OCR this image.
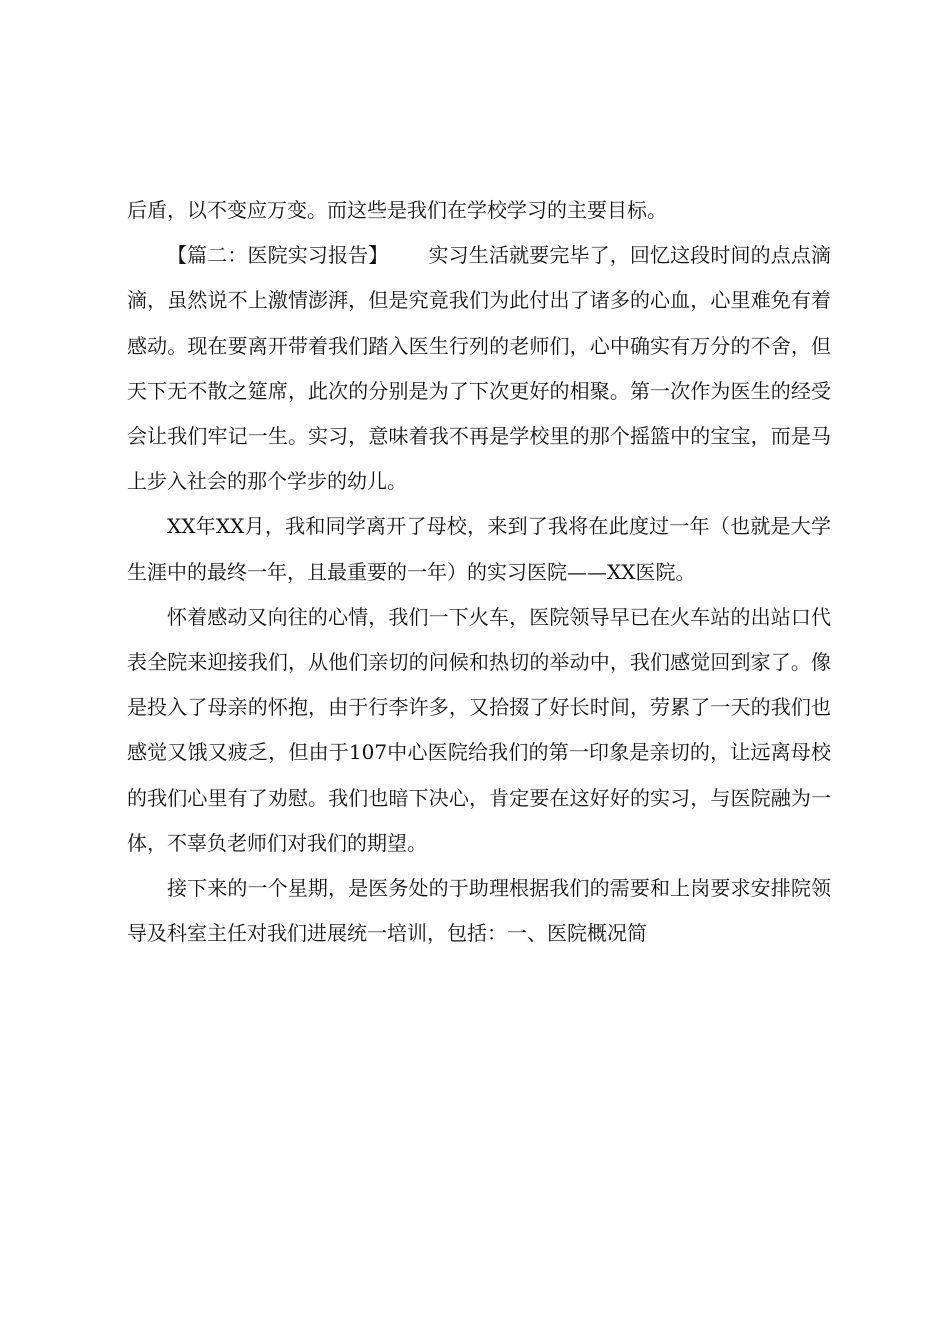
后盾，以不变应万变。而这些是我们在学校学习的主要目标。

【篇二：医院实习报告】 实习生活就要完毕了，回忆这段时间的点点滴滴，虽然说不上激情澎湃，但是究竟我们为此付出了诸多的心血，心里难免有着感动。现在要离开带着我们踏入医生行列的老师们，心中确实有万分的不舍，但天下无不散之筵席，此次的分别是为了下次更好的相聚。第一次作为医生的经受会让我们牢记一生。实习，意味着我不再是学校里的那个摇篮中的宝宝，而是马上步入社会的那个学步的幼儿。

XX年XX月，我和同学离开了母校，来到了我将在此度过一年（也就是大学生涯中的最终一年，且最重要的一年）的实习医院——XX医院。

怀着感动又向往的心情，我们一下火车，医院领导早已在火车站的出站口代表全院来迎接我们，从他们亲切的问候和热切的举动中，我们感觉回到家了。像是投入了母亲的怀抱，由于行李许多，又拾掇了好长时间，劳累了一天的我们也感觉又饿又疲乏，但由于107中心医院给我们的第一印象是亲切的，让远离母校的我们心里有了劝慰。我们也暗下决心，肯定要在这好好的实习，与医院融为一体，不辜负老师们对我们的期望。

接下来的一个星期，是医务处的于助理根据我们的需要和上岗要求安排院领导及科室主任对我们进展统一培训，包括：一、医院概况简
